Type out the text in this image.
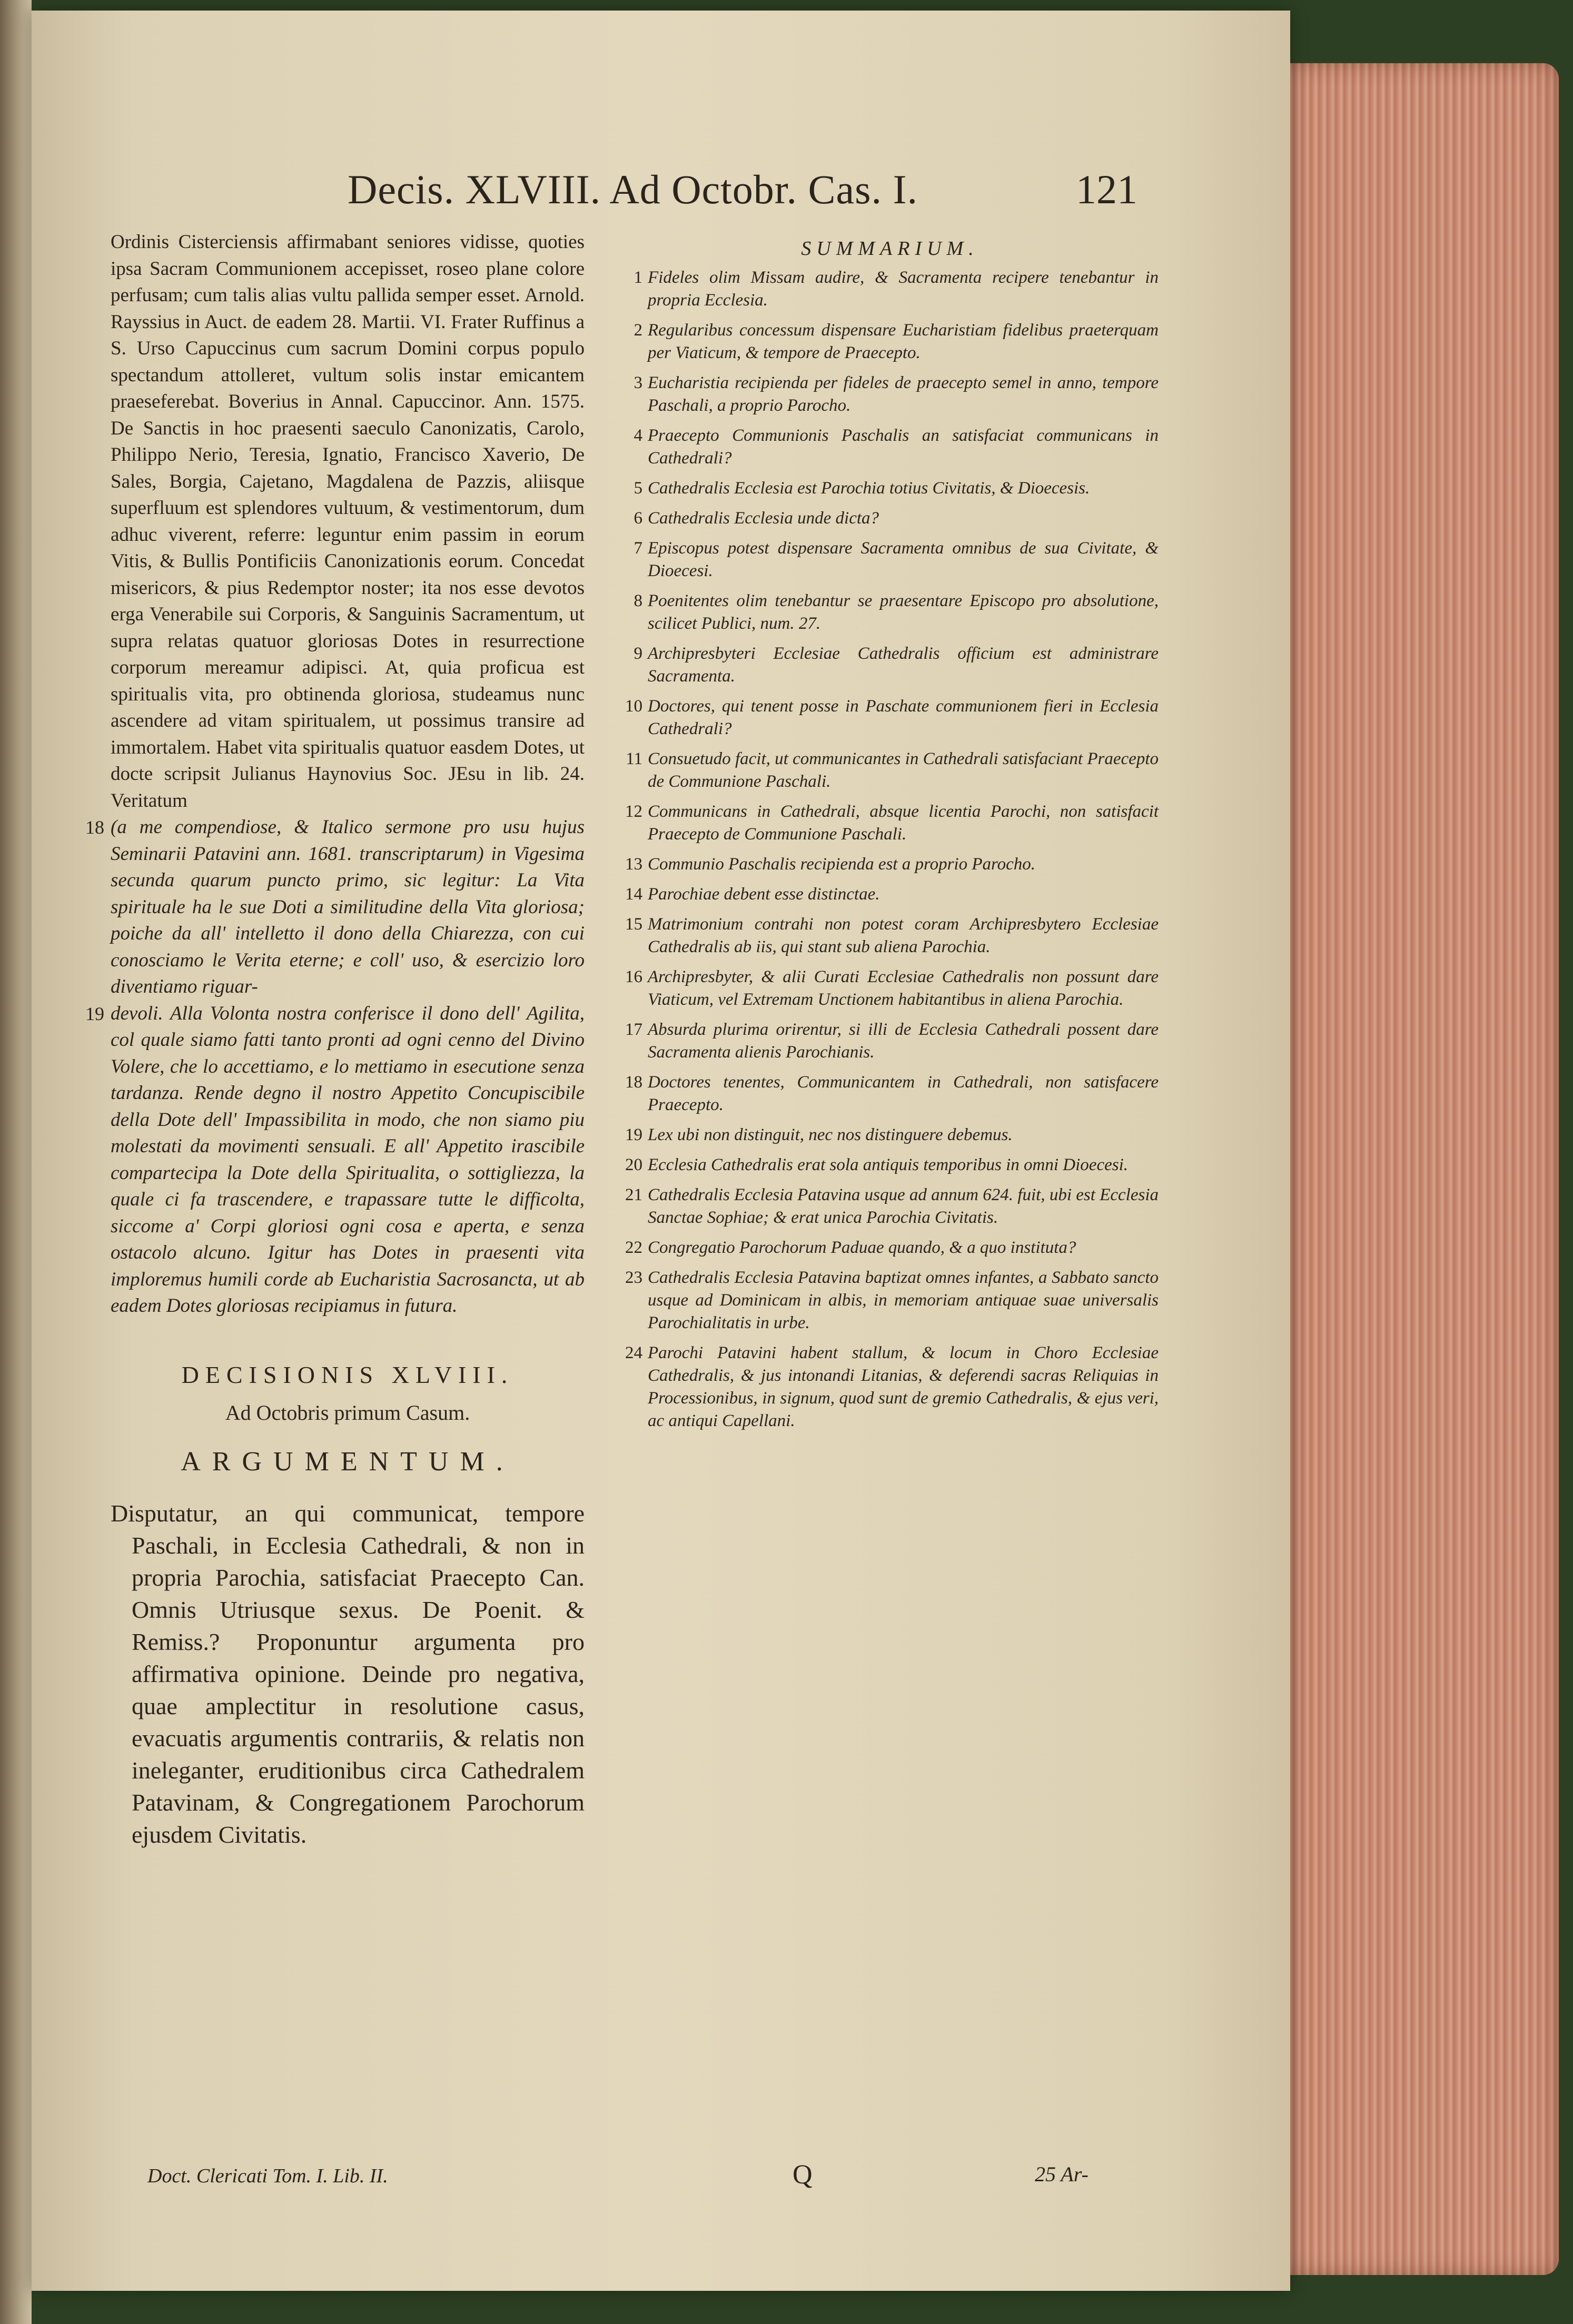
Decis. XLVIII. Ad Octobr. Cas. I.	121

Ordinis Cisterciensis affirmabant seniores vidisse, quoties ipsa Sacram Communionem accepisset, roseo plane colore perfusam; cum talis alias vultu pallida semper esset. Arnold. Rayssius in Auct. de eadem 28. Martii. VI. Frater Ruffinus a S. Urso Capuccinus cum sacrum Domini corpus populo spectandum attolleret, vultum solis instar emicantem praeseferebat. Boverius in Annal. Capuccinor. Ann. 1575. De Sanctis in hoc praesenti saeculo Canonizatis, Carolo, Philippo Nerio, Teresia, Ignatio, Francisco Xaverio, De Sales, Borgia, Cajetano, Magdalena de Pazzis, aliisque superfluum est splendores vultuum, & vestimentorum, dum adhuc viverent, referre: leguntur enim passim in eorum Vitis, & Bullis Pontificiis Canonizationis eorum. Concedat misericors, & pius Redemptor noster; ita nos esse devotos erga Venerabile sui Corporis, & Sanguinis Sacramentum, ut supra relatas quatuor gloriosas Dotes in resurrectione corporum mereamur adipisci. At, quia proficua est spiritualis vita, pro obtinenda gloriosa, studeamus nunc ascendere ad vitam spiritualem, ut possimus transire ad immortalem. Habet vita spiritualis quatuor easdem Dotes, ut docte scripsit Julianus Haynovius Soc. JEsu in lib. 24. Veritatum

18 (a me compendiose, & Italico sermone pro usu hujus Seminarii Patavini ann. 1681. transcriptarum) in Vigesima secunda quarum puncto primo, sic legitur: La Vita spirituale ha le sue Doti a similitudine della Vita gloriosa; poiche da all' intelletto il dono della Chiarezza, con cui conosciamo le Verita eterne; e coll' uso, & esercizio loro diventiamo riguar-

19 devoli. Alla Volonta nostra conferisce il dono dell' Agilita, col quale siamo fatti tanto pronti ad ogni cenno del Divino Volere, che lo accettiamo, e lo mettiamo in esecutione senza tardanza. Rende degno il nostro Appetito Concupiscibile della Dote dell' Impassibilita in modo, che non siamo piu molestati da movimenti sensuali. E all' Appetito irascibile compartecipa la Dote della Spiritualita, o sottigliezza, la quale ci fa trascendere, e trapassare tutte le difficolta, siccome a' Corpi gloriosi ogni cosa e aperta, e senza ostacolo alcuno. Igitur has Dotes in praesenti vita imploremus humili corde ab Eucharistia Sacrosancta, ut ab eadem Dotes gloriosas recipiamus in futura.

DECISIONIS XLVIII.
Ad Octobris primum Casum.
ARGUMENTUM.

Disputatur, an qui communicat, tempore Paschali, in Ecclesia Cathedrali, & non in propria Parochia, satisfaciat Praecepto Can. Omnis Utriusque sexus. De Poenit. & Remiss.? Proponuntur argumenta pro affirmativa opinione. Deinde pro negativa, quae amplectitur in resolutione casus, evacuatis argumentis contrariis, & relatis non ineleganter, eruditionibus circa Cathedralem Patavinam, & Congregationem Parochorum ejusdem Civitatis.

SUMMARIUM.
1 Fideles olim Missam audire, & Sacramenta recipere tenebantur in propria Ecclesia.
2 Regularibus concessum dispensare Eucharistiam fidelibus praeterquam per Viaticum, & tempore de Praecepto.
3 Eucharistia recipienda per fideles de praecepto semel in anno, tempore Paschali, a proprio Parocho.
4 Praecepto Communionis Paschalis an satisfaciat communicans in Cathedrali?
5 Cathedralis Ecclesia est Parochia totius Civitatis, & Dioecesis.
6 Cathedralis Ecclesia unde dicta?
7 Episcopus potest dispensare Sacramenta omnibus de sua Civitate, & Dioecesi.
8 Poenitentes olim tenebantur se praesentare Episcopo pro absolutione, scilicet Publici, num. 27.
9 Archipresbyteri Ecclesiae Cathedralis officium est administrare Sacramenta.
10 Doctores, qui tenent posse in Paschate communionem fieri in Ecclesia Cathedrali?
11 Consuetudo facit, ut communicantes in Cathedrali satisfaciant Praecepto de Communione Paschali.
12 Communicans in Cathedrali, absque licentia Parochi, non satisfacit Praecepto de Communione Paschali.
13 Communio Paschalis recipienda est a proprio Parocho.
14 Parochiae debent esse distinctae.
15 Matrimonium contrahi non potest coram Archipresbytero Ecclesiae Cathedralis ab iis, qui stant sub aliena Parochia.
16 Archipresbyter, & alii Curati Ecclesiae Cathedralis non possunt dare Viaticum, vel Extremam Unctionem habitantibus in aliena Parochia.
17 Absurda plurima orirentur, si illi de Ecclesia Cathedrali possent dare Sacramenta alienis Parochianis.
18 Doctores tenentes, Communicantem in Cathedrali, non satisfacere Praecepto.
19 Lex ubi non distinguit, nec nos distinguere debemus.
20 Ecclesia Cathedralis erat sola antiquis temporibus in omni Dioecesi.
21 Cathedralis Ecclesia Patavina usque ad annum 624. fuit, ubi est Ecclesia Sanctae Sophiae; & erat unica Parochia Civitatis.
22 Congregatio Parochorum Paduae quando, & a quo instituta?
23 Cathedralis Ecclesia Patavina baptizat omnes infantes, a Sabbato sancto usque ad Dominicam in albis, in memoriam antiquae suae universalis Parochialitatis in urbe.
24 Parochi Patavini habent stallum, & locum in Choro Ecclesiae Cathedralis, & jus intonandi Litanias, & deferendi sacras Reliquias in Processionibus, in signum, quod sunt de gremio Cathedralis, & ejus veri, ac antiqui Capellani.
Doct. Clericati Tom. I. Lib. II.	Q	25 Ar-
